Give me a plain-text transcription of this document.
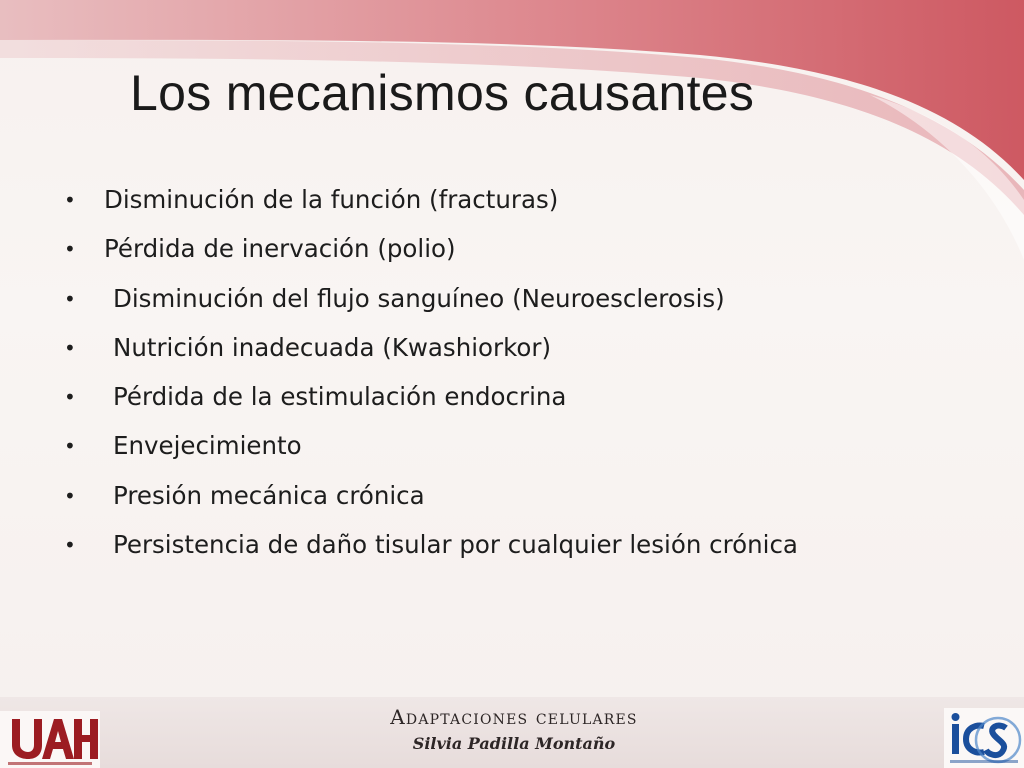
Los mecanismos causantes
• Disminución de la función (fracturas)
• Pérdida de inervación (polio)
• Disminución del flujo sanguíneo (Neuroesclerosis)
• Nutrición inadecuada (Kwashiorkor)
• Pérdida de la estimulación endocrina
• Envejecimiento
• Presión mecánica crónica
• Persistencia de daño tisular por cualquier lesión crónica
Adaptaciones celulares
Silvia Padilla Montaño
